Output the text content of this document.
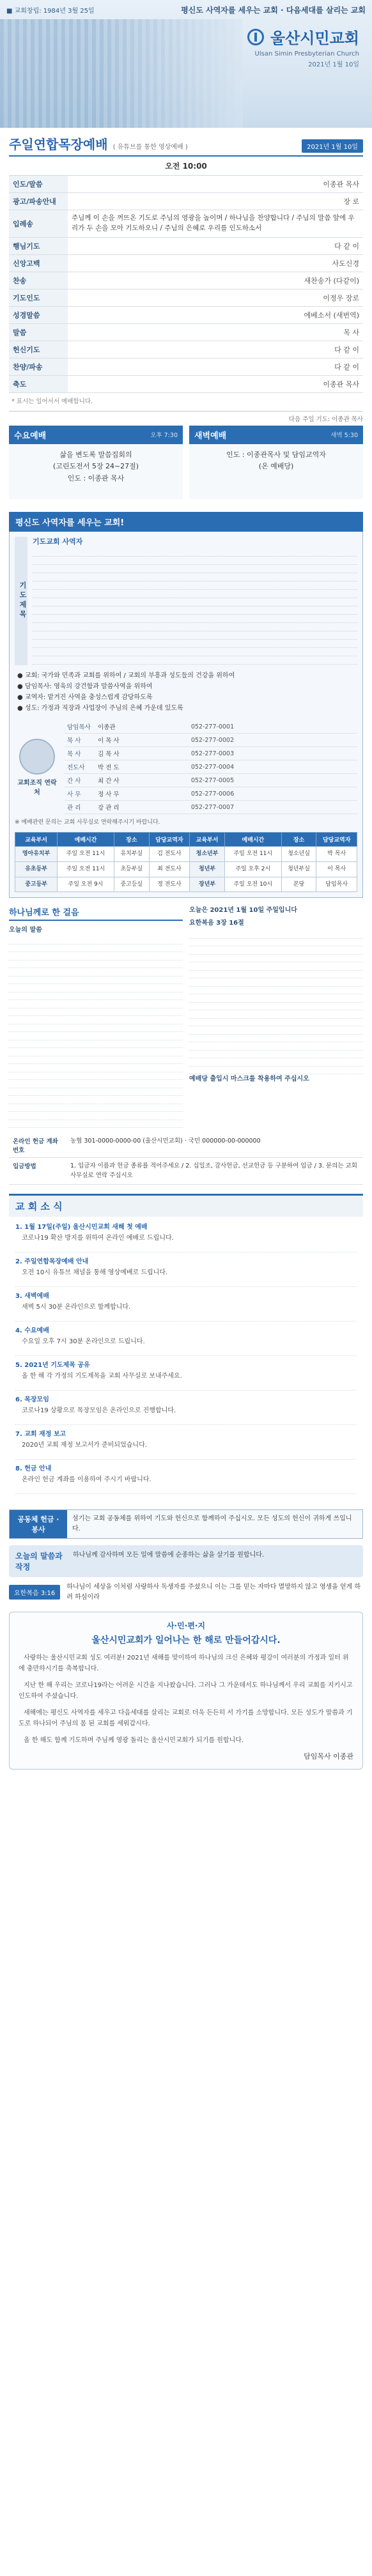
■ 교회창립: 1984년 3월 25일	평신도 사역자를 세우는 교회 · 다음세대를 살리는 교회
울산시민교회
Ulsan Simin Presbyterian Church
2021년 1월 10일
주일연합목장예배 ( 유튜브를 통한 영상예배 )	2021년 1월 10일
오전 10:00
인도/말씀		이종관 목사
광고/파송안내		장 로
입례송	주님께 이 손을 꺼뜨온 기도로 주님의 영광을 높이며 / 하나님을 찬양합니다 / 주님의 말씀 앞에 우리가 두 손을 모아 기도하오니 / 주님의 은혜로 우리를 인도하소서	
행님기도		다 같 이
신앙고백		사도신경
찬송		새찬송가 (다같이)
기도인도		이정우 장로
성경말씀		에베소서 (새번역)
말씀		목 사
헌신기도		다 같 이
찬양/파송		다 같 이
축도		이종관 목사
* 표시는 일어서서 예배합니다.
다음 주일 기도: 이종관 목사
수요예배	오후 7:30
삶을 변도록 말씀집회의
(고린도전서 5장 24~27절)
인도 : 이종관 목사
새벽예배	새벽 5:30
인도 : 이종관목사 및 담임교역자
(온 예배당)
평신도 사역자를 세우는 교회!
기도제목
기도교회 사역자
● 교회: 국가와 민족과 교회를 위하여 / 교회의 부흥과 성도들의 건강을 위하여
● 담임목사: 영육의 강건함과 말씀사역을 위하여
● 교역자: 맡겨진 사역을 충성스럽게 감당하도록
● 성도: 가정과 직장과 사업장이 주님의 은혜 가운데 있도록
교회조직 연락처
담임목사	이종관	052-277-0001
목 사	이 목 사	052-277-0002
목 사	김 목 사	052-277-0003
전도사	박 전 도	052-277-0004
간 사	최 간 사	052-277-0005
사 무	정 사 무	052-277-0006
관 리	강 관 리	052-277-0007
※ 예배관련 문의는 교회 사무실로 연락해주시기 바랍니다.
교육부서	예배시간	장소	담당교역자	교육부서	예배시간	장소	담당교역자
영아유치부	주일 오전 11시	유치부실	김 전도사	청소년부	주일 오전 11시	청소년실	박 목사
유초등부	주일 오전 11시	초등부실	최 전도사	청년부	주일 오후 2시	청년부실	이 목사
중고등부	주일 오전 9시	중고등실	정 전도사	장년부	주일 오전 10시	본당	담임목사
하나님께로 한 걸음
오늘의 말씀
오늘은 2021년 1월 10일 주일입니다
요한복음 3장 16절
예배당 출입시 마스크를 착용하여 주십시오
온라인 헌금 계좌번호	농협 301-0000-0000-00 (울산시민교회) · 국민 000000-00-000000
입금방법	1. 입금자 이름과 헌금 종류를 적어주세요 / 2. 십일조, 감사헌금, 선교헌금 등 구분하여 입금 / 3. 문의는 교회 사무실로 연락 주십시오
교 회 소 식
1. 1월 17일(주일) 울산시민교회 새해 첫 예배
코로나19 확산 방지를 위하여 온라인 예배로 드립니다.
2. 주일연합목장예배 안내
오전 10시 유튜브 채널을 통해 영상예배로 드립니다.
3. 새벽예배
새벽 5시 30분 온라인으로 함께합니다.
4. 수요예배
수요일 오후 7시 30분 온라인으로 드립니다.
5. 2021년 기도제목 공유
올 한 해 각 가정의 기도제목을 교회 사무실로 보내주세요.
6. 목장모임
코로나19 상황으로 목장모임은 온라인으로 진행합니다.
7. 교회 재정 보고
2020년 교회 재정 보고서가 준비되었습니다.
8. 헌금 안내
온라인 헌금 계좌를 이용하여 주시기 바랍니다.
공동체 헌금 · 봉사
섬기는 교회 공동체를 위하여 기도와 헌신으로 함께하여 주십시오. 모든 성도의 헌신이 귀하게 쓰입니다.
오늘의 말씀과 작정
하나님께 감사하며 모든 일에 말씀에 순종하는 삶을 살기를 원합니다.
요한복음 3:16
하나님이 세상을 이처럼 사랑하사 독생자를 주셨으니 이는 그를 믿는 자마다 멸망하지 않고 영생을 얻게 하려 하심이라
사·민·편·지
울산시민교회가 일어나는 한 해로 만들어갑시다.
사랑하는 울산시민교회 성도 여러분! 2021년 새해를 맞이하여 하나님의 크신 은혜와 평강이 여러분의 가정과 일터 위에 충만하시기를 축복합니다.
지난 한 해 우리는 코로나19라는 어려운 시간을 지나왔습니다. 그러나 그 가운데서도 하나님께서 우리 교회를 지키시고 인도하여 주셨습니다.
새해에는 평신도 사역자를 세우고 다음세대를 살리는 교회로 더욱 든든히 서 가기를 소망합니다. 모든 성도가 말씀과 기도로 하나되어 주님의 몸 된 교회를 세워갑시다.
올 한 해도 함께 기도하며 주님께 영광 돌리는 울산시민교회가 되기를 원합니다.
담임목사 이종관
